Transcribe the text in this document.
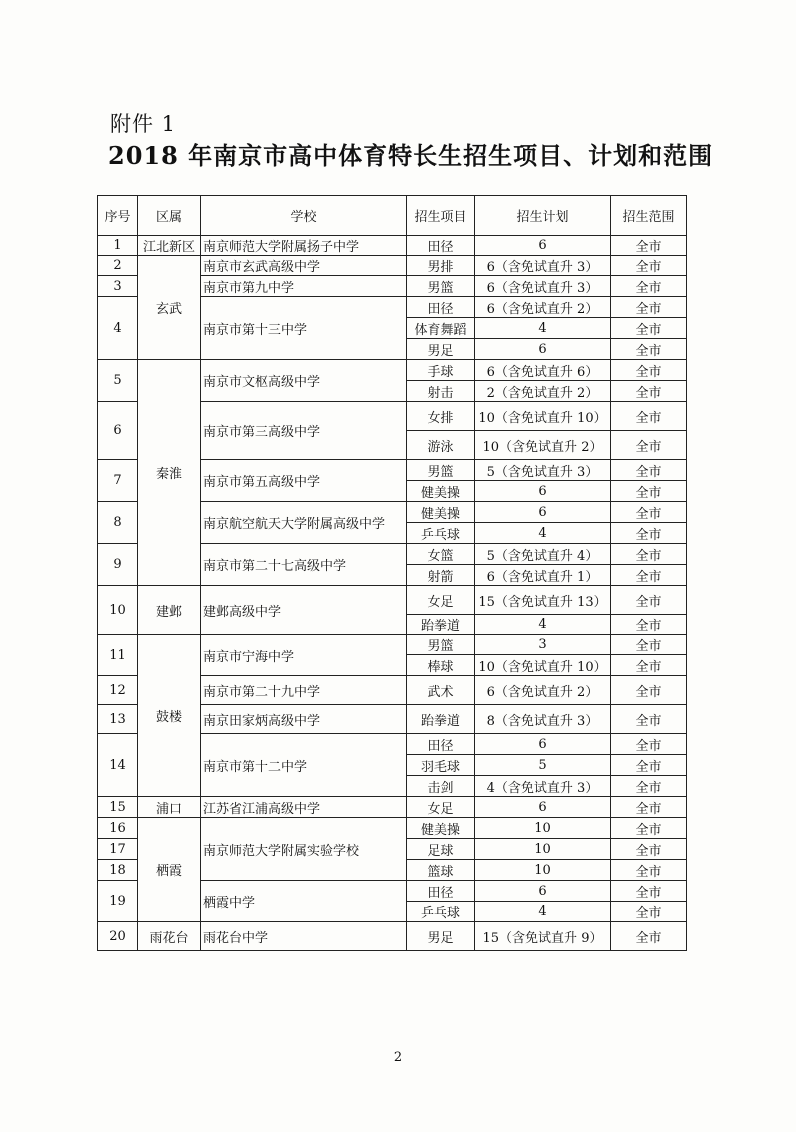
附件 1
2018 年南京市高中体育特长生招生项目、计划和范围
序号	区属	学校	招生项目	招生计划	招生范围
1	江北新区	南京师范大学附属扬子中学	田径	6	全市
2	玄武	南京市玄武高级中学	男排	6（含免试直升 3）	全市
3		南京市第九中学	男篮	6（含免试直升 3）	全市
4		南京市第十三中学	田径	6（含免试直升 2）	全市
			体育舞蹈	4	全市
			男足	6	全市
5	秦淮	南京市文枢高级中学	手球	6（含免试直升 6）	全市
			射击	2（含免试直升 2）	全市
6		南京市第三高级中学	女排	10（含免试直升 10）	全市
			游泳	10（含免试直升 2）	全市
7		南京市第五高级中学	男篮	5（含免试直升 3）	全市
			健美操	6	全市
8		南京航空航天大学附属高级中学	健美操	6	全市
			乒乓球	4	全市
9		南京市第二十七高级中学	女篮	5（含免试直升 4）	全市
			射箭	6（含免试直升 1）	全市
10	建邺	建邺高级中学	女足	15（含免试直升 13）	全市
			跆拳道	4	全市
11	鼓楼	南京市宁海中学	男篮	3	全市
			棒球	10（含免试直升 10）	全市
12		南京市第二十九中学	武术	6（含免试直升 2）	全市
13		南京田家炳高级中学	跆拳道	8（含免试直升 3）	全市
14		南京市第十二中学	田径	6	全市
			羽毛球	5	全市
			击剑	4（含免试直升 3）	全市
15	浦口	江苏省江浦高级中学	女足	6	全市
16	栖霞	南京师范大学附属实验学校	健美操	10	全市
17			足球	10	全市
18			篮球	10	全市
19		栖霞中学	田径	6	全市
			乒乓球	4	全市
20	雨花台	雨花台中学	男足	15（含免试直升 9）	全市
2
